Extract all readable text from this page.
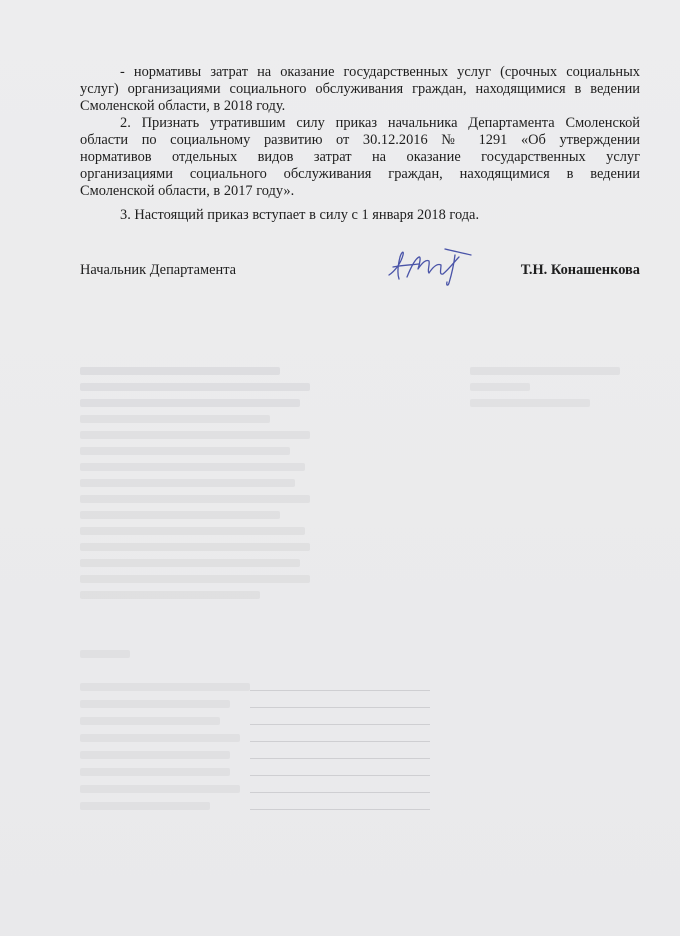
- нормативы затрат на оказание государственных услуг (срочных социальных
услуг) организациями социального обслуживания граждан, находящимися в ведении
Смоленской области, в 2018 году.
2. Признать утратившим силу приказ начальника Департамента Смоленской
области по социальному развитию от 30.12.2016 № 1291 «Об утверждении
нормативов отдельных видов затрат на оказание государственных услуг
организациями социального обслуживания граждан, находящимися в ведении
Смоленской области, в 2017 году».
3. Настоящий приказ вступает в силу с 1 января 2018 года.
Начальник Департамента	Т.Н. Конашенкова
